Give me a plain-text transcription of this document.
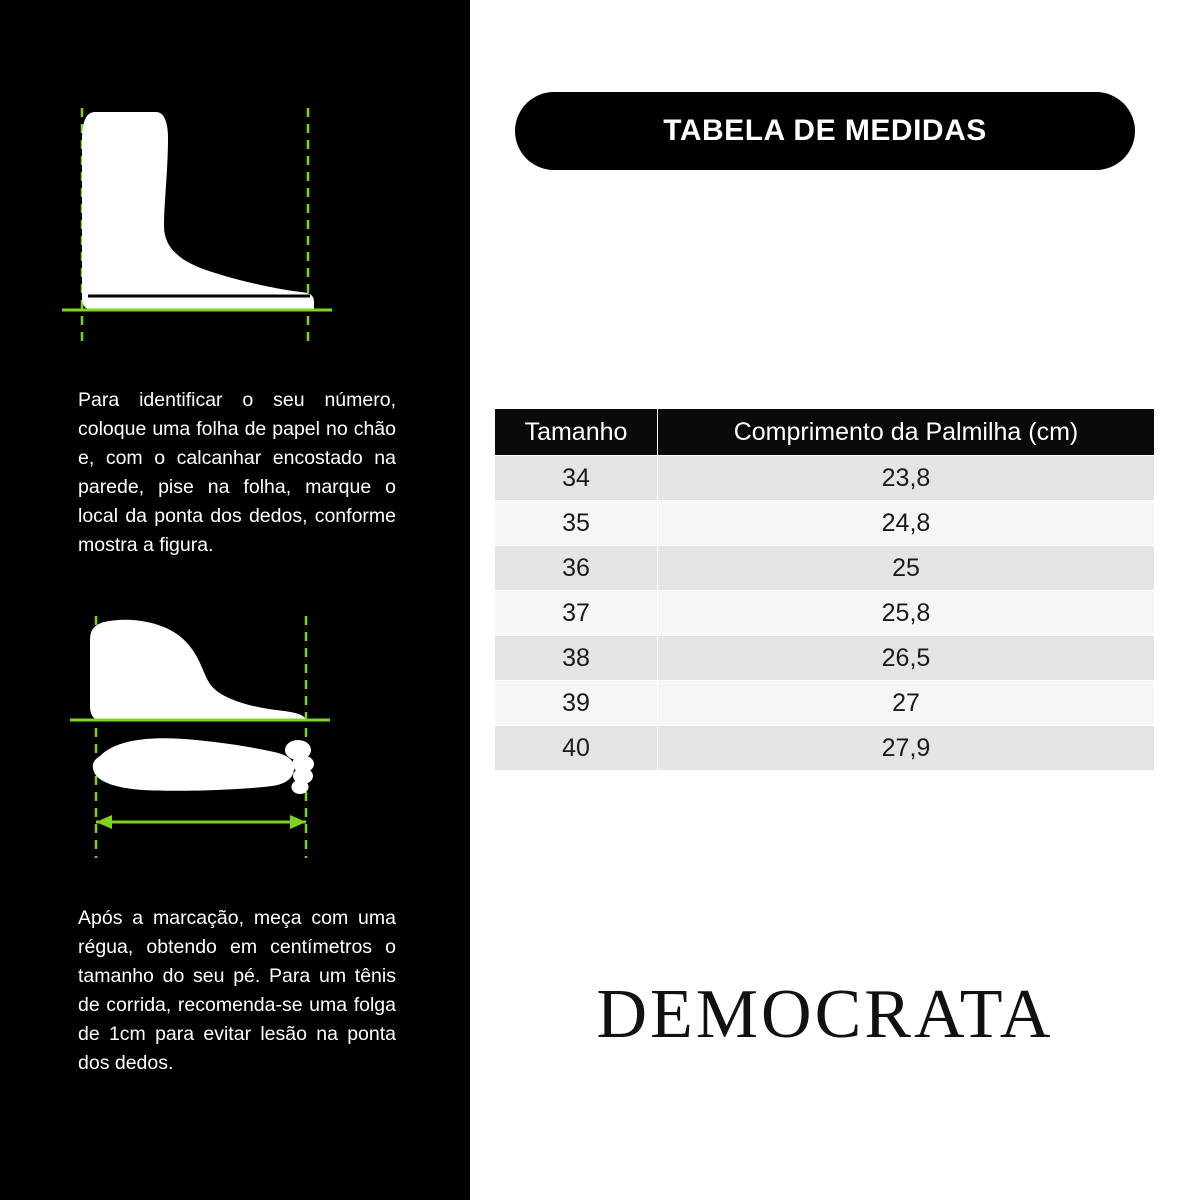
Para identificar o seu número, coloque uma folha de papel no chão e, com o calcanhar encostado na parede, pise na folha, marque o local da ponta dos dedos, conforme mostra a figura.

Após a marcação, meça com uma régua, obtendo em centímetros o tamanho do seu pé. Para um tênis de corrida, recomenda-se uma folga de 1cm para evitar lesão na ponta dos dedos.

TABELA DE MEDIDAS
Tamanho	Comprimento da Palmilha (cm)
34	23,8
35	24,8
36	25
37	25,8
38	26,5
39	27
40	27,9
DEMOCRATA
